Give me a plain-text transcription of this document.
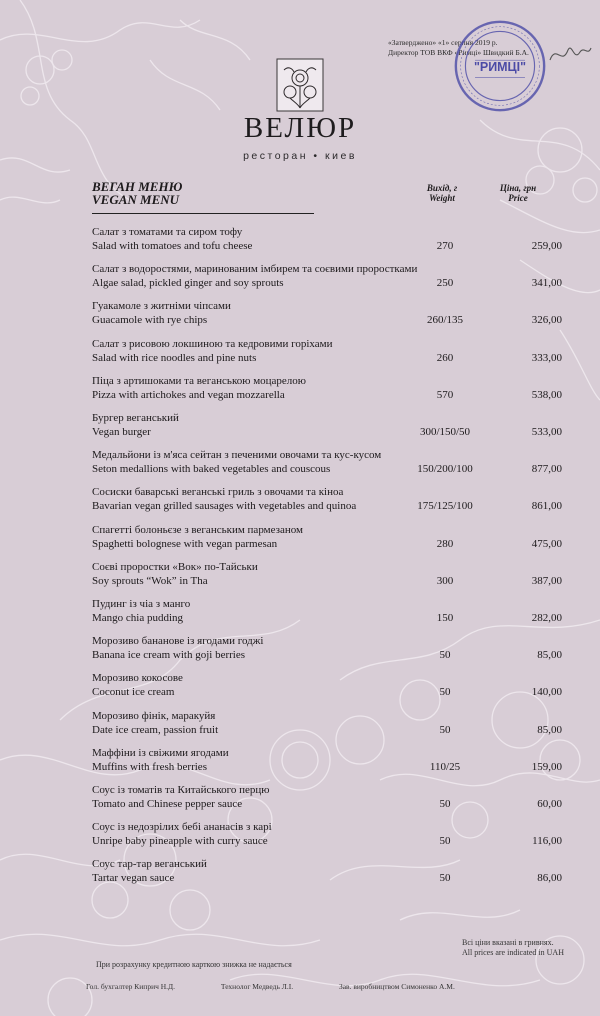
«Затверджено» «1» серпня 2019 р.
Директор ТОВ ВКФ «Римці» Швидкий Б.А.
"РИМЦІ"
ВЕЛЮР
ресторан • киев
ВЕГАН МЕНЮ
VEGAN MENU
Вихід, г
Weight
Ціна, грн
Price
Салат з томатами та сиром тофу
Salad with tomatoes and tofu cheese	270	259,00
Салат з водоростями, маринованим імбирем та соєвими проростками
Algae salad, pickled ginger and soy sprouts	250	341,00
Гуакамоле з житніми чіпсами
Guacamole with rye chips	260/135	326,00
Салат з рисовою локшиною та кедровими горіхами
Salad with rice noodles and pine nuts	260	333,00
Піца з артишоками та веганською моцарелою
Pizza with artichokes and vegan mozzarella	570	538,00
Бургер веганський
Vegan burger	300/150/50	533,00
Медальйони із м'яса сейтан з печеними овочами та кус-кусом
Seton medallions with baked vegetables and couscous	150/200/100	877,00
Сосиски баварські веганські гриль з овочами та кіноа
Bavarian vegan grilled sausages with vegetables and quinoa	175/125/100	861,00
Спагетті болоньєзе з веганським пармезаном
Spaghetti bolognese with vegan parmesan	280	475,00
Соєві проростки «Вок» по-Тайськи
Soy sprouts “Wok” in Tha	300	387,00
Пудинг із чіа з манго
Mango chia pudding	150	282,00
Морозиво бананове із ягодами годжі
Banana ice cream with goji berries	50	85,00
Морозиво кокосове
Coconut ice cream	50	140,00
Морозиво фінік, маракуйя
Date ice cream, passion fruit	50	85,00
Маффіни із свіжими ягодами
Muffins with fresh berries	110/25	159,00
Соус із томатів та Китайського перцю
Tomato and Chinese pepper sauce	50	60,00
Соус із недозрілих бебі ананасів з карі
Unripe baby pineapple with curry sauce	50	116,00
Соус тар-тар веганський
Tartar vegan sauce	50	86,00
Всі ціни вказані в гривнях.
All prices are indicated in UAH
При розрахунку кредитною карткою знижка не надається
Гол. бухгалтер Киприч Н.Д.	Технолог Медведь Л.І.	Зав. виробництвом Симоненко А.М.
